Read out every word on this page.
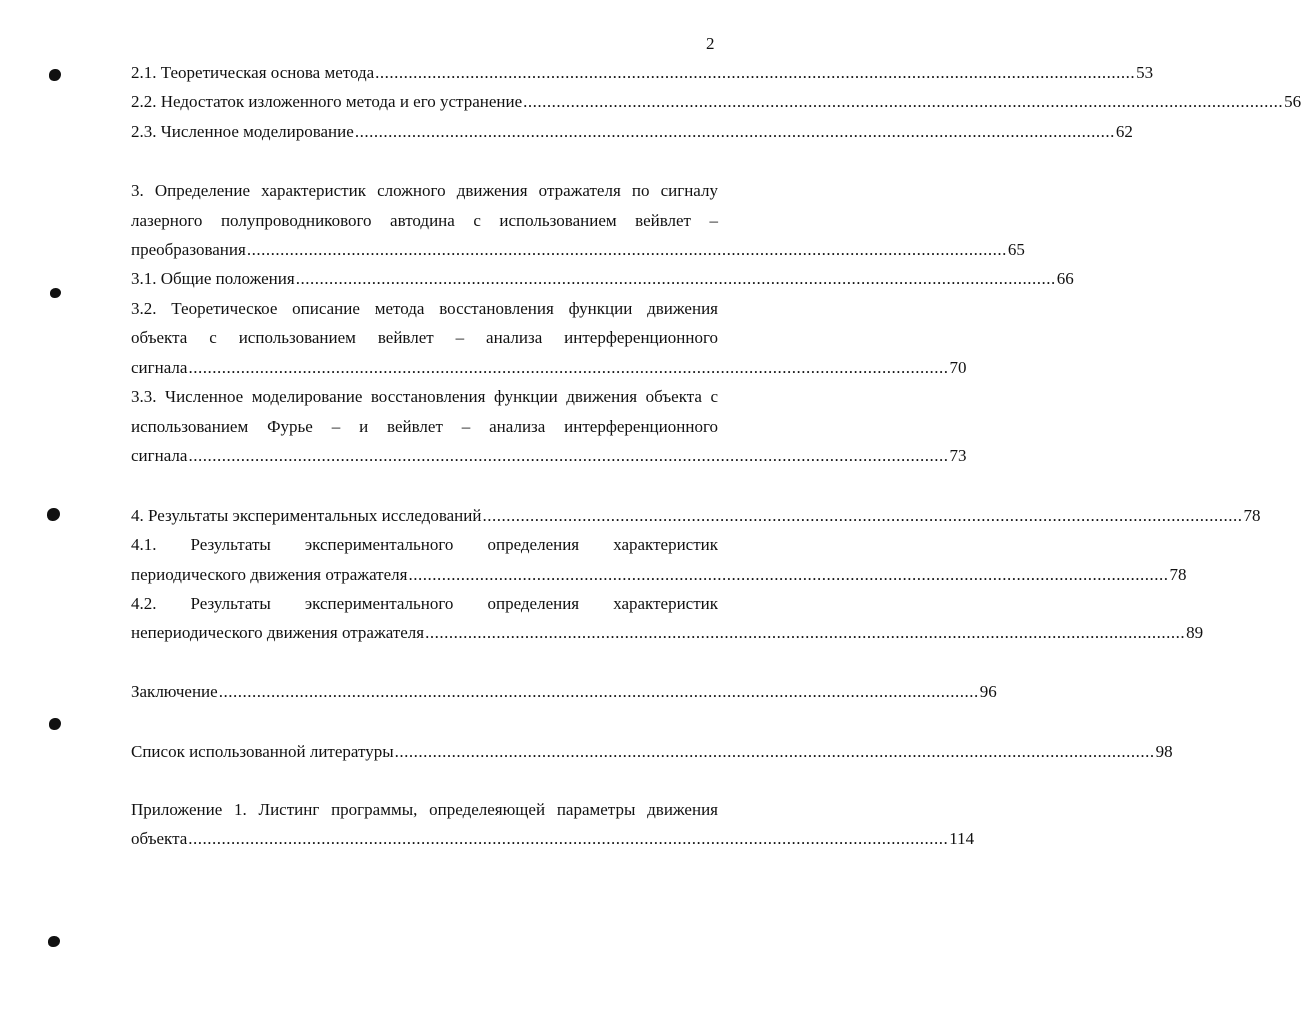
2
2.1. Теоретическая основа метода ................................................................................................................................................................ 53
2.2. Недостаток изложенного метода и его устранение ................................................................................................................................................................ 56
2.3. Численное моделирование ................................................................................................................................................................ 62
3. Определение характеристик сложного движения отражателя по сигналу
лазерного полупроводникового автодина с использованием вейвлет –
преобразования ................................................................................................................................................................ 65
3.1. Общие положения ................................................................................................................................................................ 66
3.2. Теоретическое описание метода восстановления функции движения
объекта с использованием вейвлет – анализа интерференционного
сигнала ................................................................................................................................................................ 70
3.3. Численное моделирование восстановления функции движения объекта с
использованием Фурье – и вейвлет – анализа интерференционного
сигнала ................................................................................................................................................................ 73
4. Результаты экспериментальных исследований ................................................................................................................................................................ 78
4.1. Результаты экспериментального определения характеристик
периодического движения отражателя ................................................................................................................................................................ 78
4.2. Результаты экспериментального определения характеристик
непериодического движения отражателя ................................................................................................................................................................ 89
Заключение ................................................................................................................................................................ 96
Список использованной литературы ................................................................................................................................................................ 98
Приложение 1. Листинг программы, определеяющей параметры движения
объекта ................................................................................................................................................................ 114
